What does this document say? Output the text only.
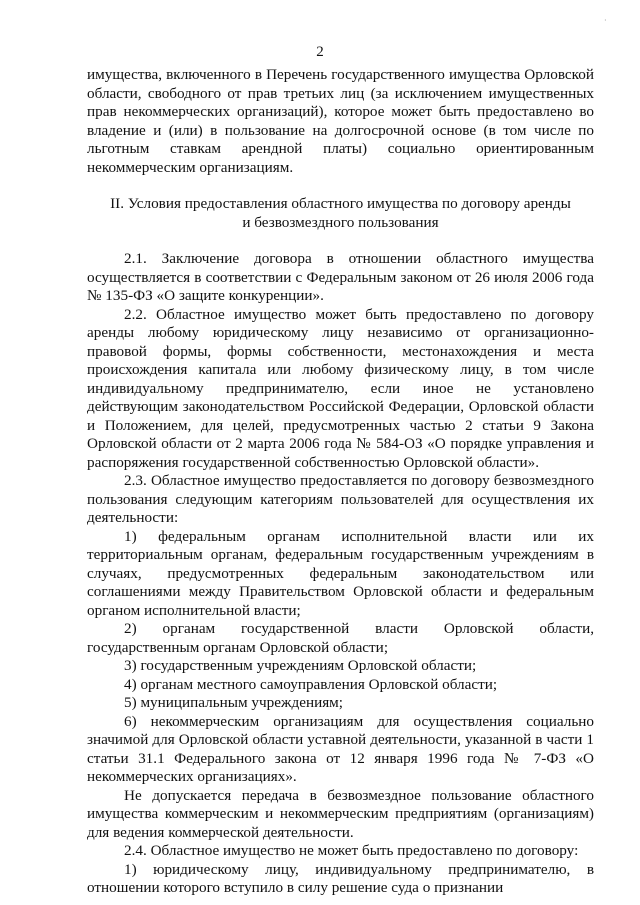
2
·

имущества, включенного в Перечень государственного имущества Орловской области, свободного от прав третьих лиц (за исключением имущественных прав некоммерческих организаций), которое может быть предоставлено во владение и (или) в пользование на долгосрочной основе (в том числе по льготным ставкам арендной платы) социально ориентированным некоммерческим организациям.

II. Условия предоставления областного имущества по договору аренды
и безвозмездного пользования

2.1. Заключение договора в отношении областного имущества осуществляется в соответствии с Федеральным законом от 26 июля 2006 года № 135-ФЗ «О защите конкуренции».

2.2. Областное имущество может быть предоставлено по договору аренды любому юридическому лицу независимо от организационно-правовой формы, формы собственности, местонахождения и места происхождения капитала или любому физическому лицу, в том числе индивидуальному предпринимателю, если иное не установлено действующим законодательством Российской Федерации, Орловской области и Положением, для целей, предусмотренных частью 2 статьи 9 Закона Орловской области от 2 марта 2006 года № 584-ОЗ «О порядке управления и распоряжения государственной собственностью Орловской области».

2.3. Областное имущество предоставляется по договору безвозмездного пользования следующим категориям пользователей для осуществления их деятельности:

1) федеральным органам исполнительной власти или их территориальным органам, федеральным государственным учреждениям в случаях, предусмотренных федеральным законодательством или соглашениями между Правительством Орловской области и федеральным органом исполнительной власти;

2) органам государственной власти Орловской области, государственным органам Орловской области;

3) государственным учреждениям Орловской области;

4) органам местного самоуправления Орловской области;

5) муниципальным учреждениям;

6) некоммерческим организациям для осуществления социально значимой для Орловской области уставной деятельности, указанной в части 1 статьи 31.1 Федерального закона от 12 января 1996 года № 7-ФЗ «О некоммерческих организациях».

Не допускается передача в безвозмездное пользование областного имущества коммерческим и некоммерческим предприятиям (организациям) для ведения коммерческой деятельности.

2.4. Областное имущество не может быть предоставлено по договору:

1) юридическому лицу, индивидуальному предпринимателю, в отношении которого вступило в силу решение суда о признании
